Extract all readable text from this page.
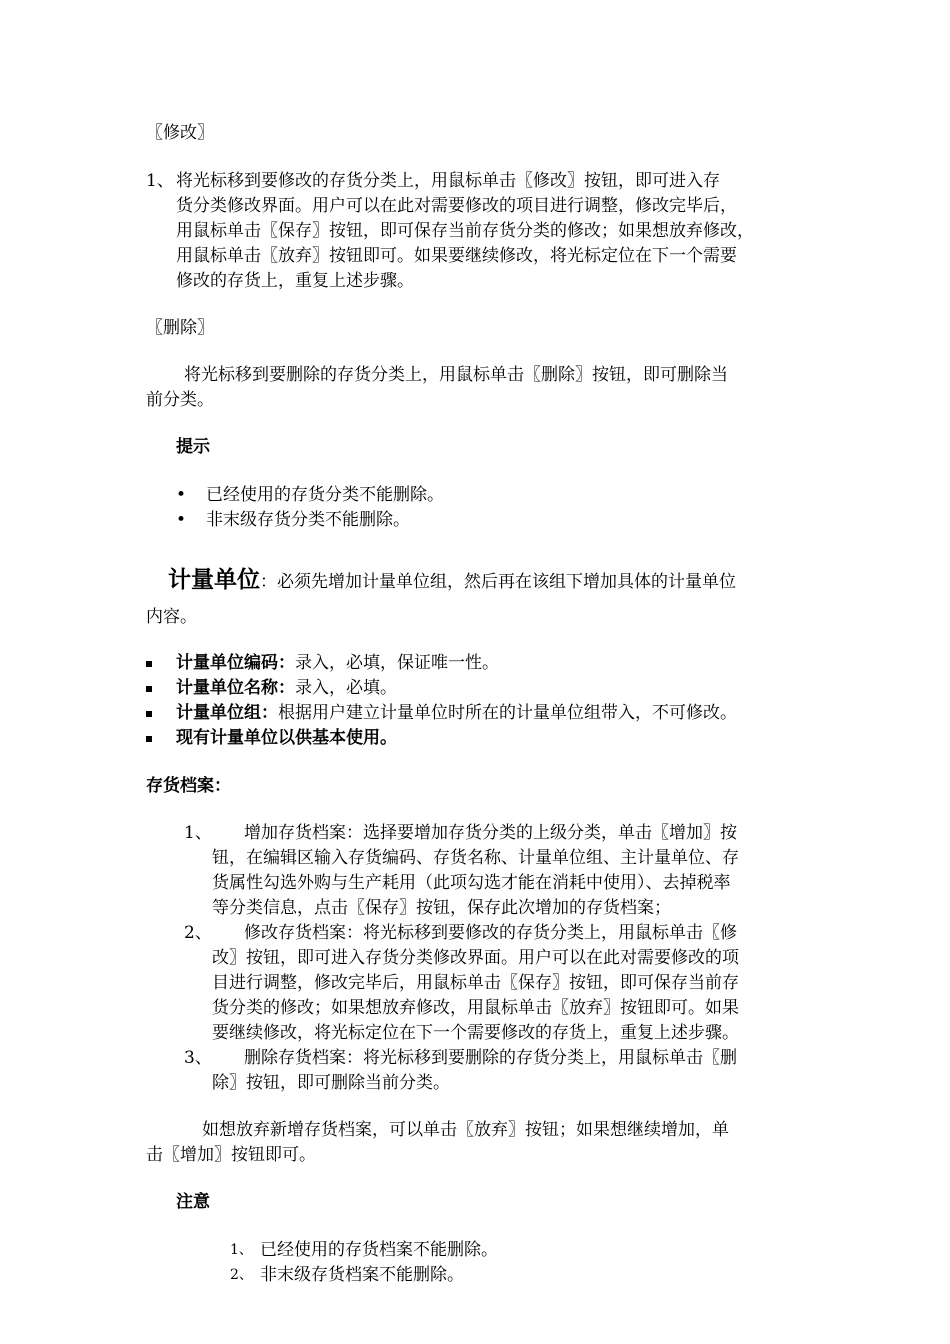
〖修改〗

1、 将光标移到要修改的存货分类上，用鼠标单击〖修改〗按钮，即可进入存
货分类修改界面。用户可以在此对需要修改的项目进行调整，修改完毕后，
用鼠标单击〖保存〗按钮，即可保存当前存货分类的修改；如果想放弃修改，
用鼠标单击〖放弃〗按钮即可。如果要继续修改，将光标定位在下一个需要
修改的存货上，重复上述步骤。

〖删除〗

将光标移到要删除的存货分类上，用鼠标单击〖删除〗按钮，即可删除当
前分类。

提示

• 已经使用的存货分类不能删除。
• 非末级存货分类不能删除。

计量单位：必须先增加计量单位组，然后再在该组下增加具体的计量单位

内容。

计量单位编码：录入，必填，保证唯一性。
计量单位名称：录入，必填。
计量单位组：根据用户建立计量单位时所在的计量单位组带入，不可修改。
现有计量单位以供基本使用。

存货档案：

1、	增加存货档案：选择要增加存货分类的上级分类，单击〖增加〗按
钮，在编辑区输入存货编码、存货名称、计量单位组、主计量单位、存
货属性勾选外购与生产耗用（此项勾选才能在消耗中使用）、去掉税率
等分类信息，点击〖保存〗按钮，保存此次增加的存货档案；

2、	修改存货档案：将光标移到要修改的存货分类上，用鼠标单击〖修
改〗按钮，即可进入存货分类修改界面。用户可以在此对需要修改的项
目进行调整，修改完毕后，用鼠标单击〖保存〗按钮，即可保存当前存
货分类的修改；如果想放弃修改，用鼠标单击〖放弃〗按钮即可。如果
要继续修改，将光标定位在下一个需要修改的存货上，重复上述步骤。

3、	删除存货档案：将光标移到要删除的存货分类上，用鼠标单击〖删
除〗按钮，即可删除当前分类。
如想放弃新增存货档案，可以单击〖放弃〗按钮；如果想继续增加，单
击〖增加〗按钮即可。

注意

1、 已经使用的存货档案不能删除。
2、 非末级存货档案不能删除。
